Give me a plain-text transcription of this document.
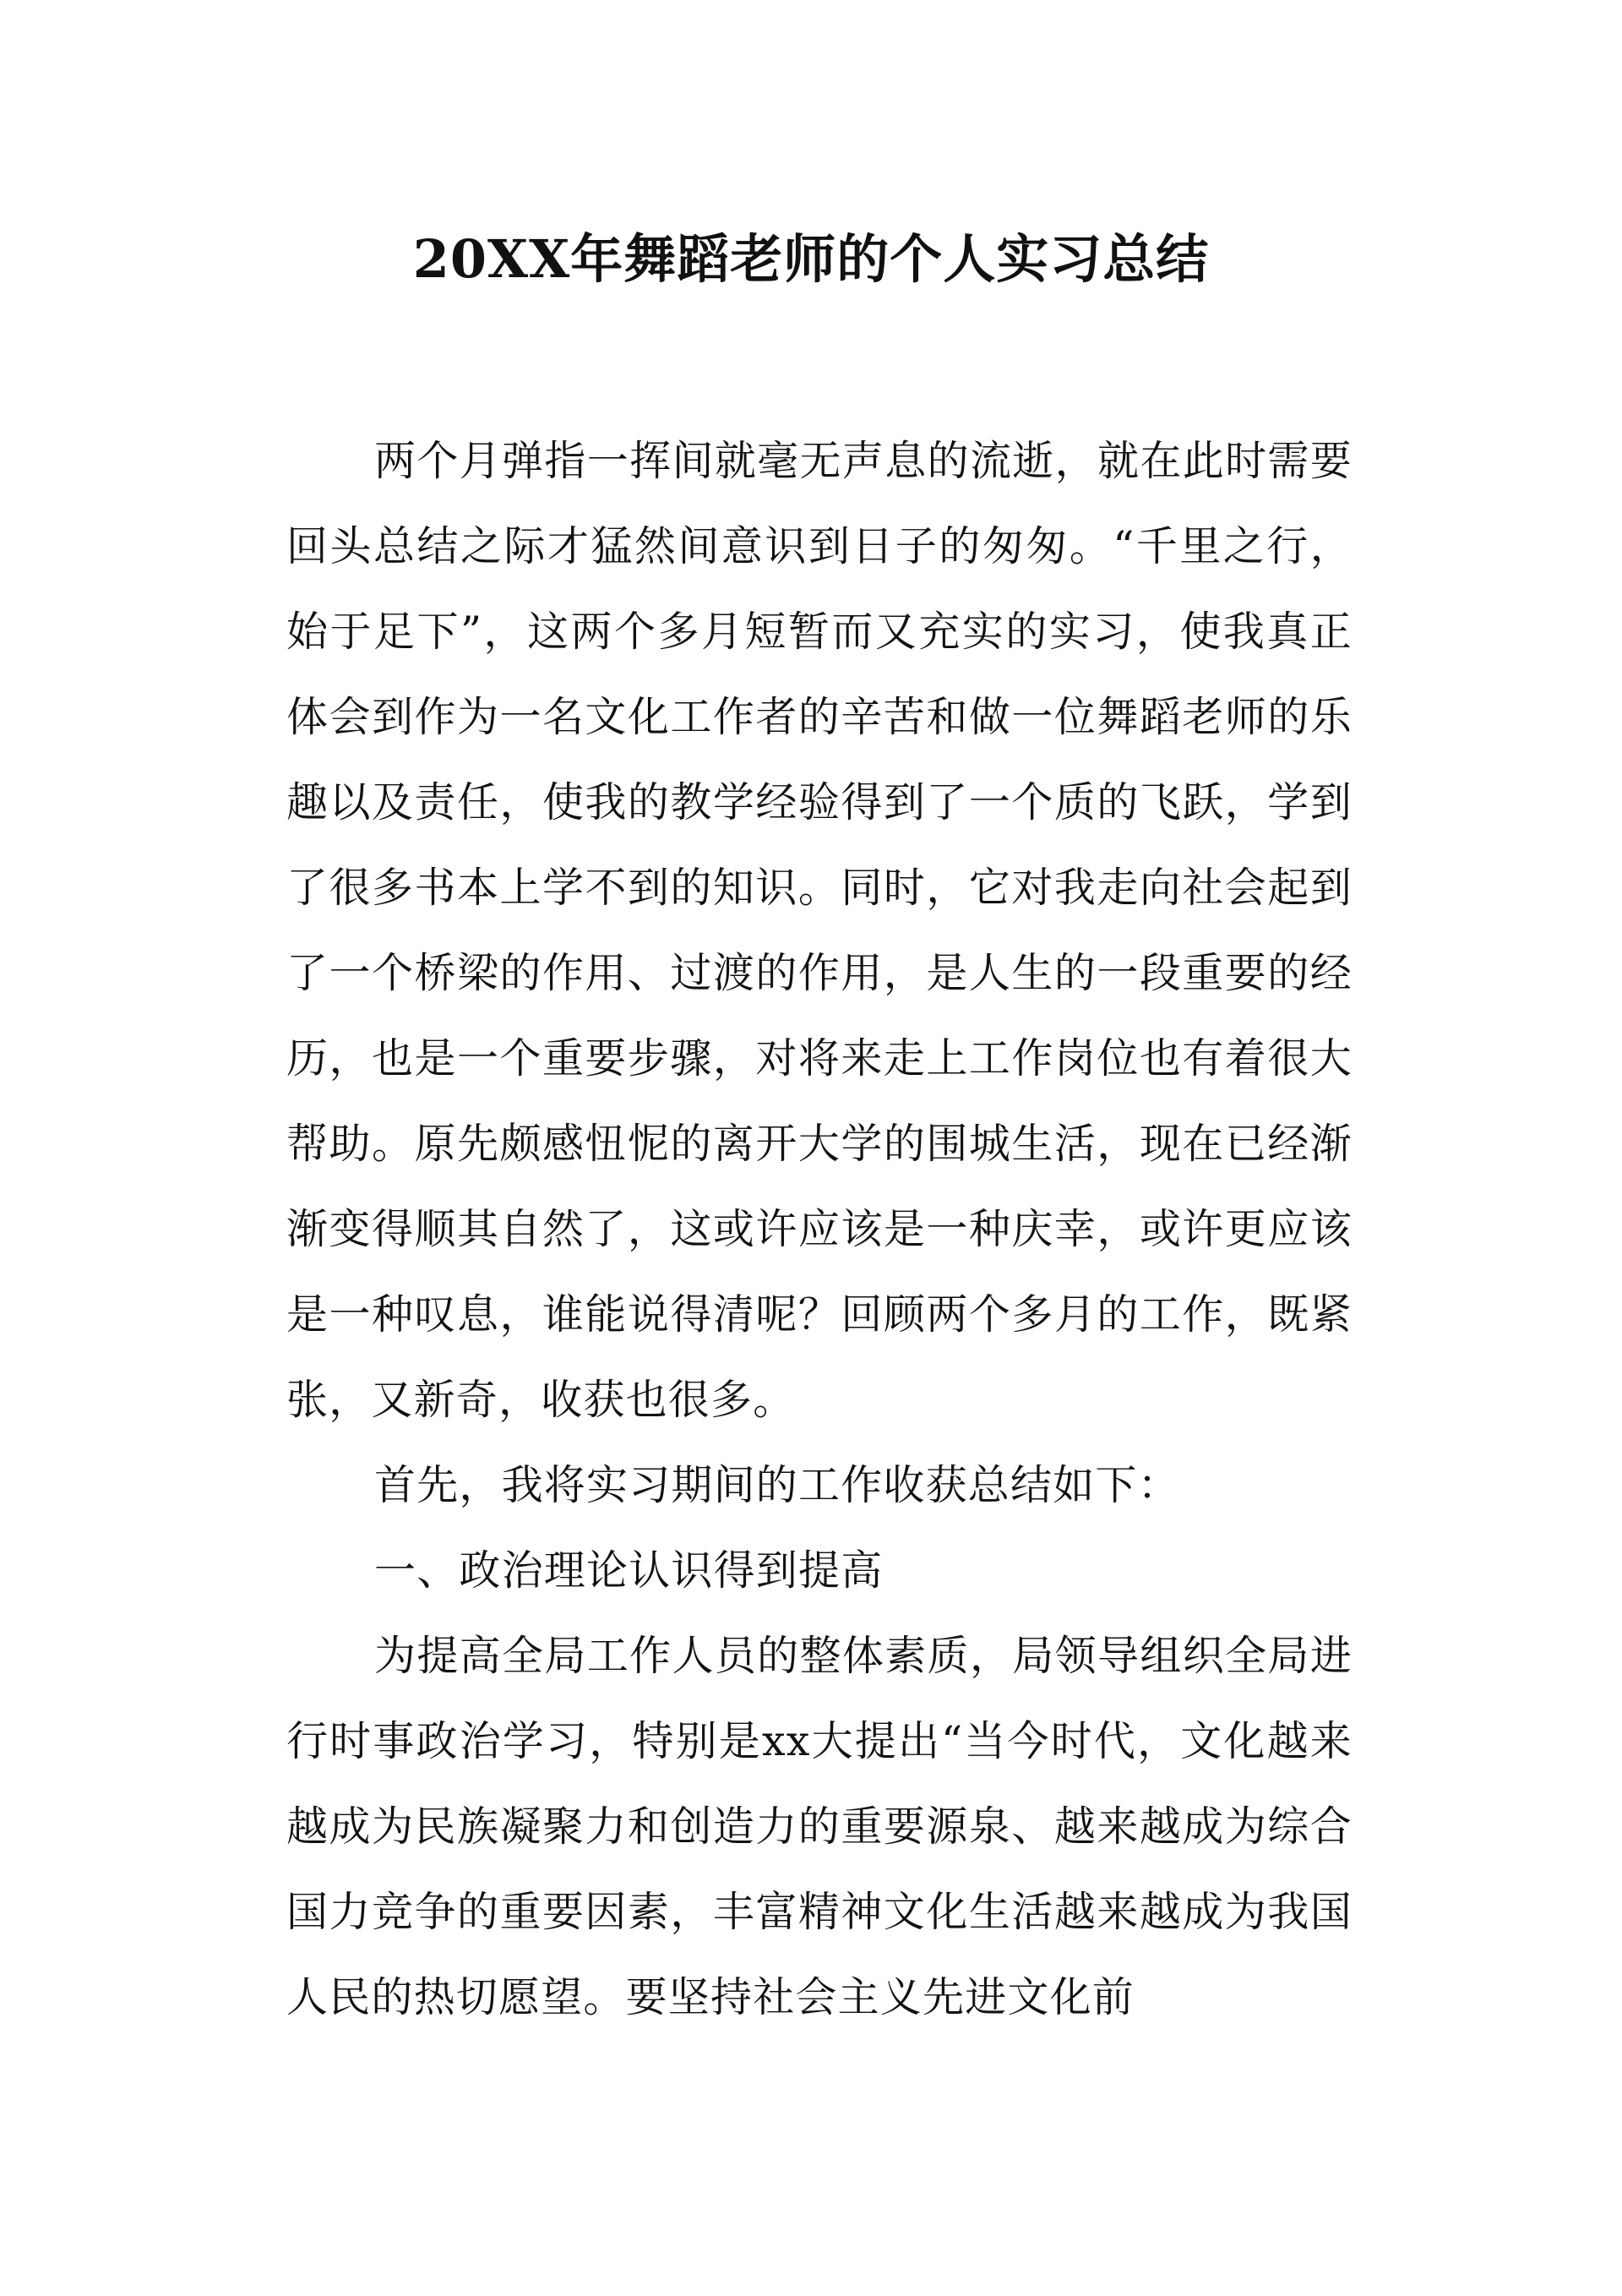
20XX年舞蹈老师的个人实习总结

两个月弹指一挥间就毫无声息的流逝，就在此时需要回头总结之际才猛然间意识到日子的匆匆。“千里之行，始于足下”，这两个多月短暂而又充实的实习，使我真正体会到作为一名文化工作者的辛苦和做一位舞蹈老师的乐趣以及责任，使我的教学经验得到了一个质的飞跃，学到了很多书本上学不到的知识。同时，它对我走向社会起到了一个桥梁的作用、过渡的作用，是人生的一段重要的经历，也是一个重要步骤，对将来走上工作岗位也有着很大帮助。原先颇感忸怩的离开大学的围城生活，现在已经渐渐变得顺其自然了，这或许应该是一种庆幸，或许更应该是一种叹息，谁能说得清呢？回顾两个多月的工作，既紧张，又新奇，收获也很多。

首先，我将实习期间的工作收获总结如下：

一、政治理论认识得到提高

为提高全局工作人员的整体素质，局领导组织全局进行时事政治学习，特别是xx大提出“当今时代，文化越来越成为民族凝聚力和创造力的重要源泉、越来越成为综合国力竞争的重要因素，丰富精神文化生活越来越成为我国人民的热切愿望。要坚持社会主义先进文化前
